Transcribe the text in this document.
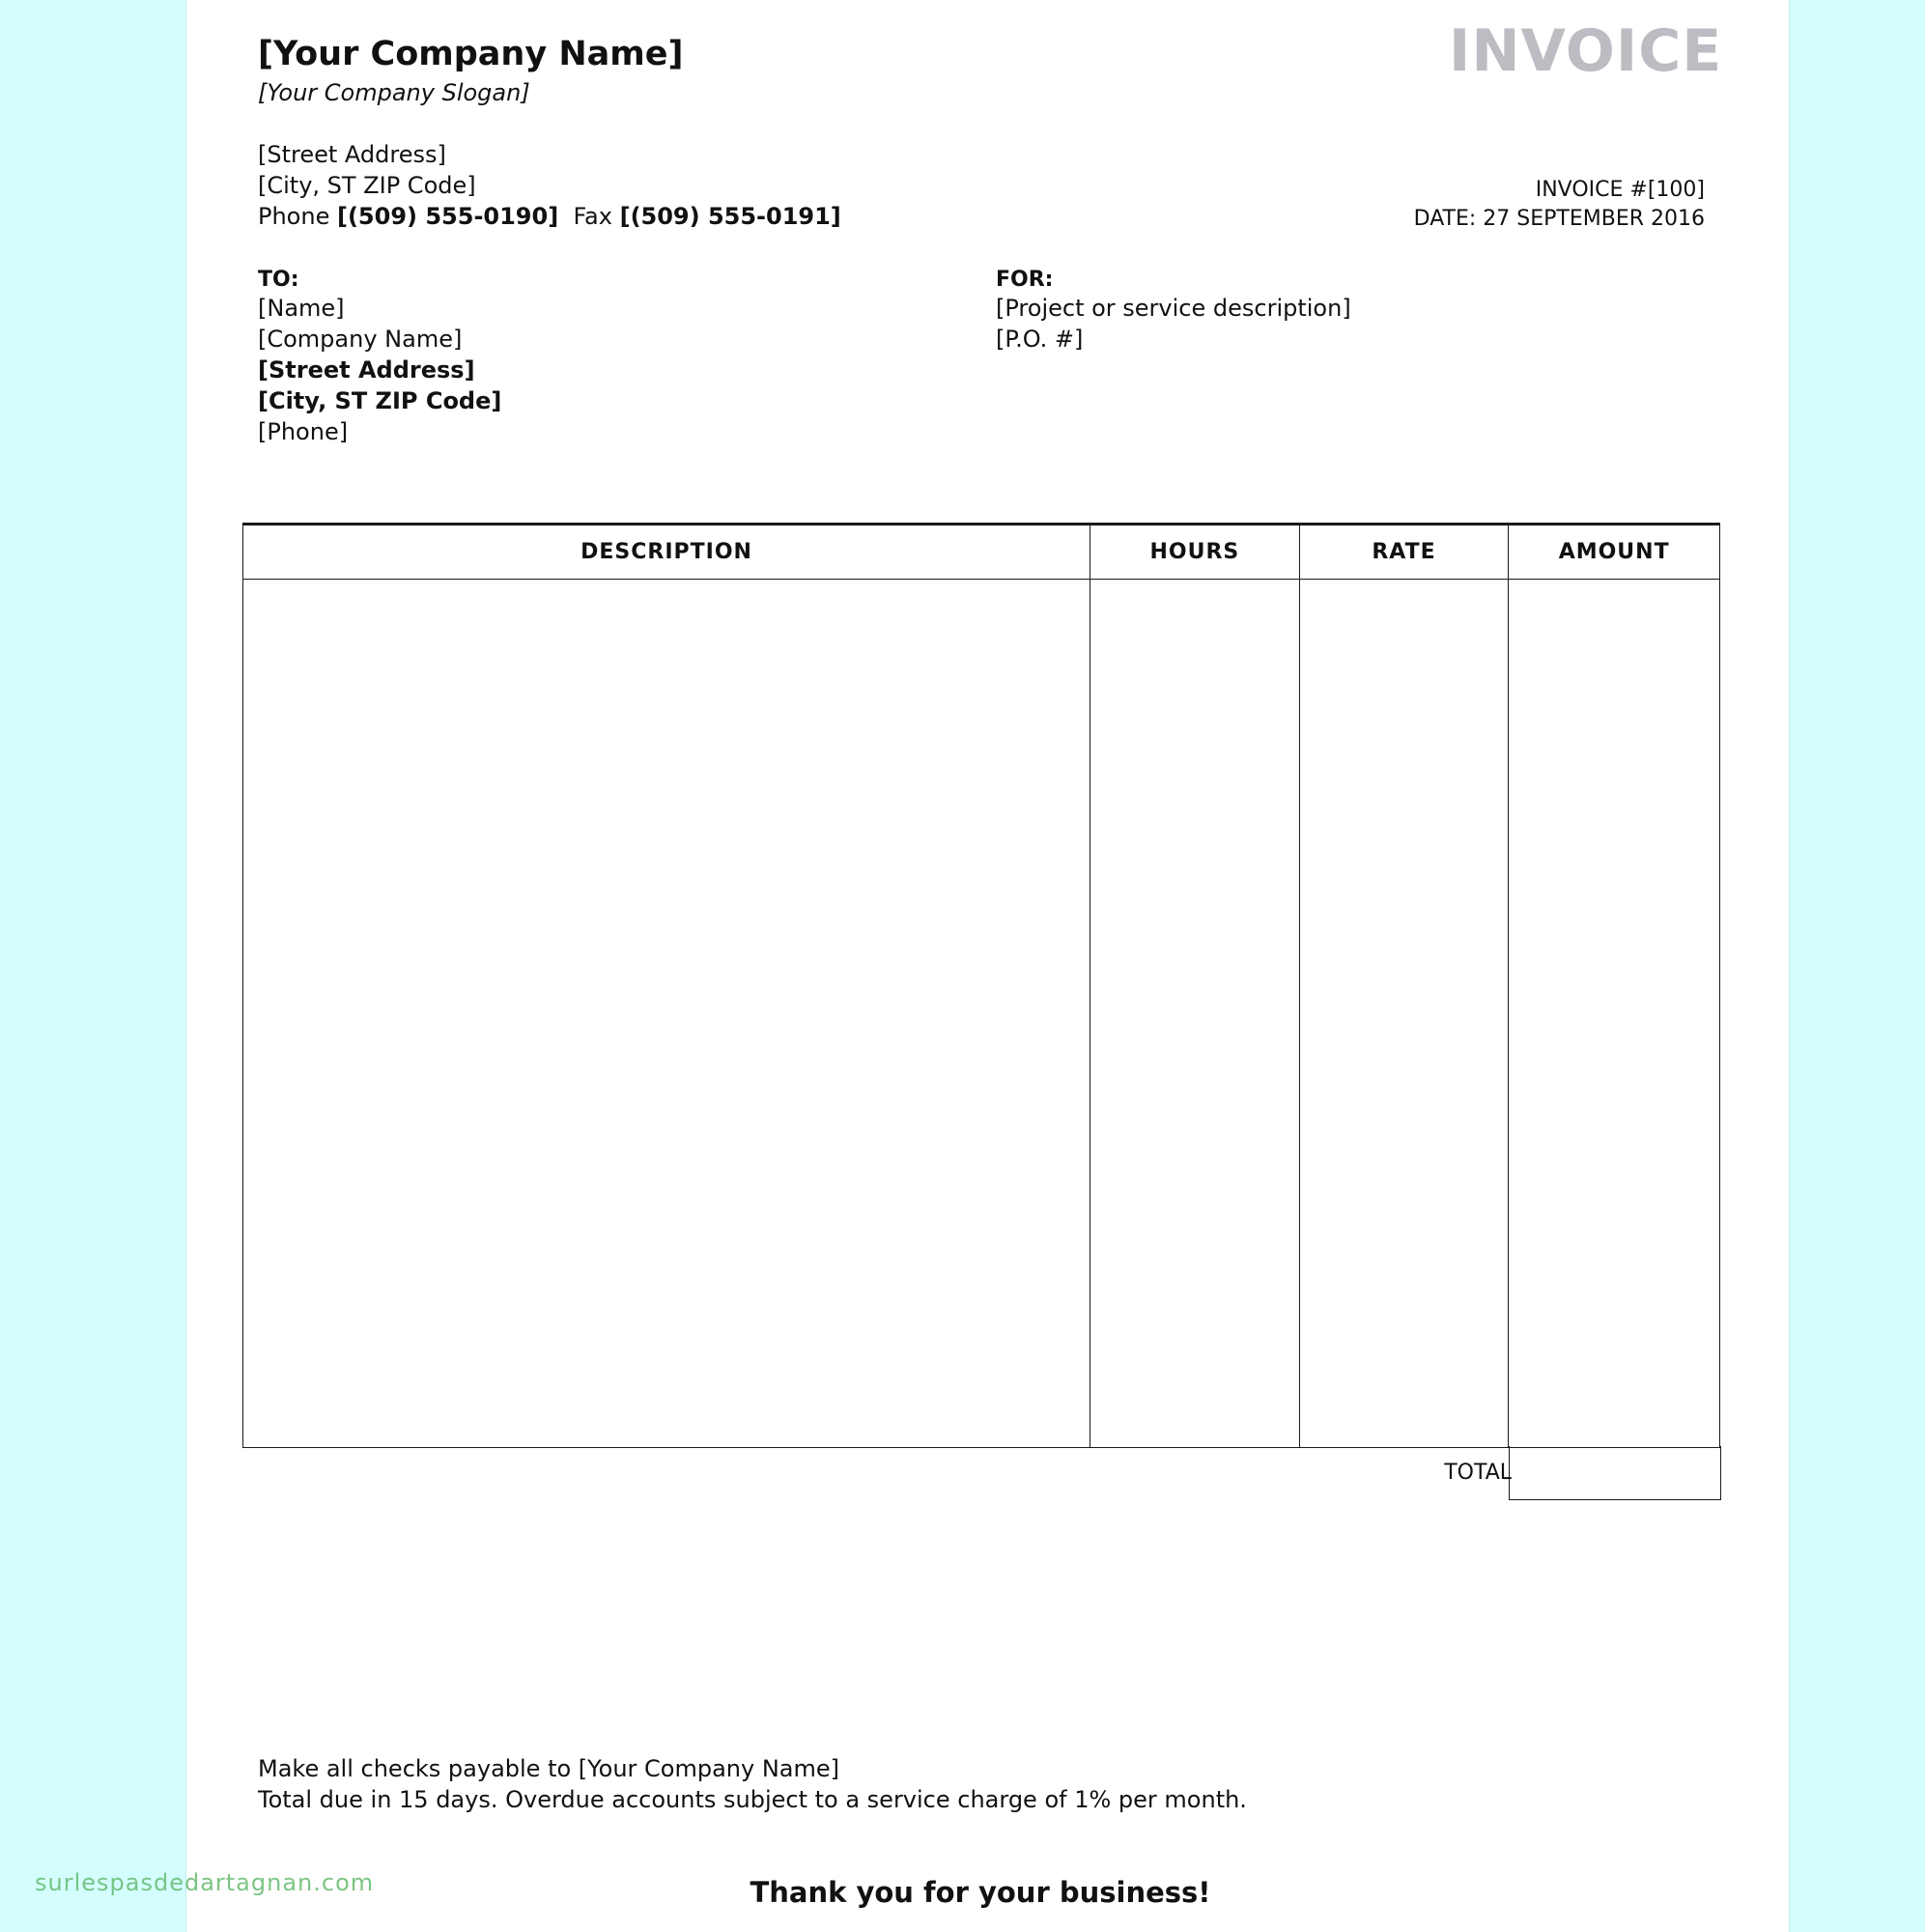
[Your Company Name]
[Your Company Slogan]
INVOICE
[Street Address]
[City, ST ZIP Code]
Phone [(509) 555-0190] Fax [(509) 555-0191]
INVOICE #[100]
DATE: 27 SEPTEMBER 2016
TO:
[Name]
[Company Name]
[Street Address]
[City, ST ZIP Code]
[Phone]
FOR:
[Project or service description]
[P.O. #]
DESCRIPTION	HOURS	RATE	AMOUNT

TOTAL
Make all checks payable to [Your Company Name]
Total due in 15 days. Overdue accounts subject to a service charge of 1% per month.
Thank you for your business!
surlespasdedartagnan.com
